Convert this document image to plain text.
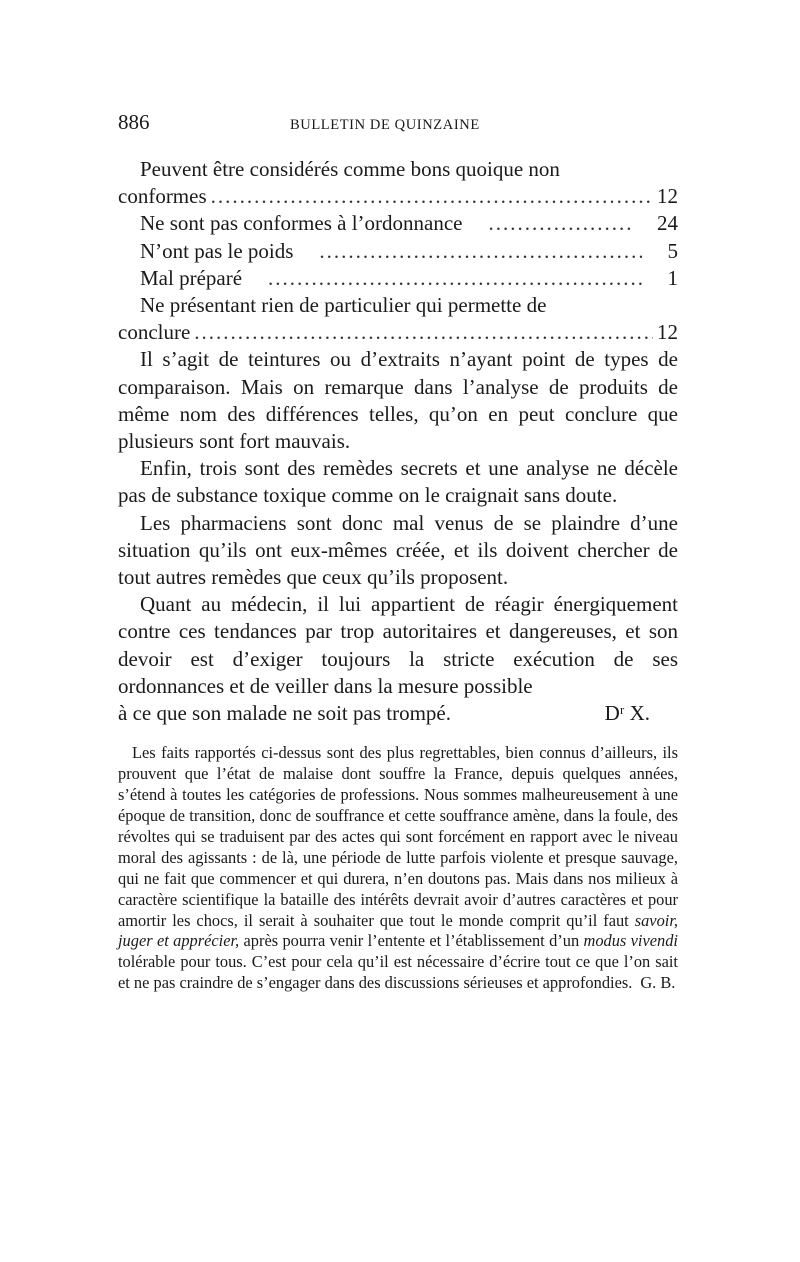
886	BULLETIN DE QUINZAINE
Peuvent être considérés comme bons quoique non
conformes .....	12
Ne sont pas conformes à l’ordonnance .....	24
N’ont pas le poids .....	5
Mal préparé .....	1
Ne présentant rien de particulier qui permette de
conclure .....	12

Il s’agit de teintures ou d’extraits n’ayant point de types de comparaison. Mais on remarque dans l’analyse de produits de même nom des différences telles, qu’on en peut conclure que plusieurs sont fort mauvais.

Enfin, trois sont des remèdes secrets et une analyse ne décèle pas de substance toxique comme on le craignait sans doute.

Les pharmaciens sont donc mal venus de se plaindre d’une situation qu’ils ont eux-mêmes créée, et ils doivent chercher de tout autres remèdes que ceux qu’ils proposent.

Quant au médecin, il lui appartient de réagir énergiquement contre ces tendances par trop autoritaires et dangereuses, et son devoir est d’exiger toujours la stricte exécution de ses ordonnances et de veiller dans la mesure possible

à ce que son malade ne soit pas trompé.	Dʳ X.

Les faits rapportés ci-dessus sont des plus regrettables, bien connus d’ailleurs, ils prouvent que l’état de malaise dont souffre la France, depuis quelques années, s’étend à toutes les catégories de professions. Nous sommes malheureusement à une époque de transition, donc de souffrance et cette souffrance amène, dans la foule, des révoltes qui se traduisent par des actes qui sont forcément en rapport avec le niveau moral des agissants : de là, une période de lutte parfois violente et presque sauvage, qui ne fait que commencer et qui durera, n’en doutons pas. Mais dans nos milieux à caractère scientifique la bataille des intérêts devrait avoir d’autres caractères et pour amortir les chocs, il serait à souhaiter que tout le monde comprit qu’il faut savoir, juger et apprécier, après pourra venir l’entente et l’établissement d’un modus vivendi tolérable pour tous. C’est pour cela qu’il est nécessaire d’écrire tout ce que l’on sait et ne pas craindre de s’engager dans des discussions sérieuses et approfondies. G. B.
